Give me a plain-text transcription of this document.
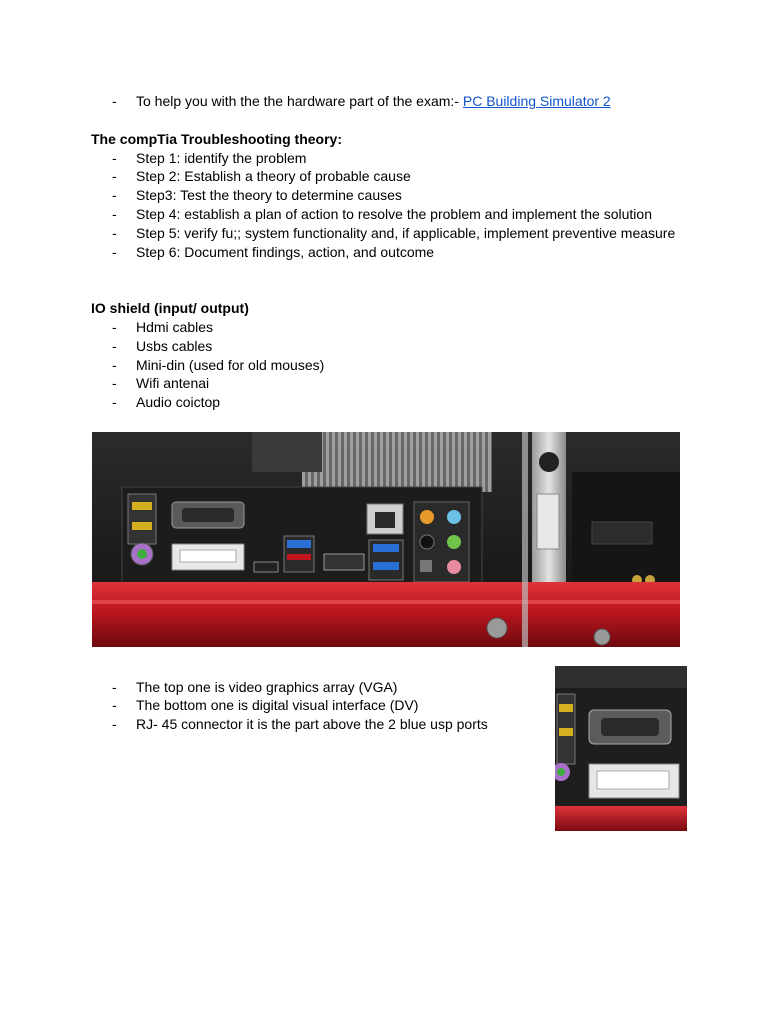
- To help you with the the hardware part of the exam:- PC Building Simulator 2
The compTia Troubleshooting theory:
- Step 1: identify the problem
- Step 2: Establish a theory of probable cause
- Step3: Test the theory to determine causes
- Step 4: establish a plan of action to resolve the problem and implement the solution
- Step 5: verify fu;; system functionality and, if applicable, implement preventive measure
- Step 6: Document findings, action, and outcome
IO shield (input/ output)
- Hdmi cables
- Usbs cables
- Mini-din (used for old mouses)
- Wifi antenai
- Audio coictop
- The top one is video graphics array (VGA)
- The bottom one is digital visual interface (DV)
- RJ- 45 connector it is the part above the 2 blue usp ports
